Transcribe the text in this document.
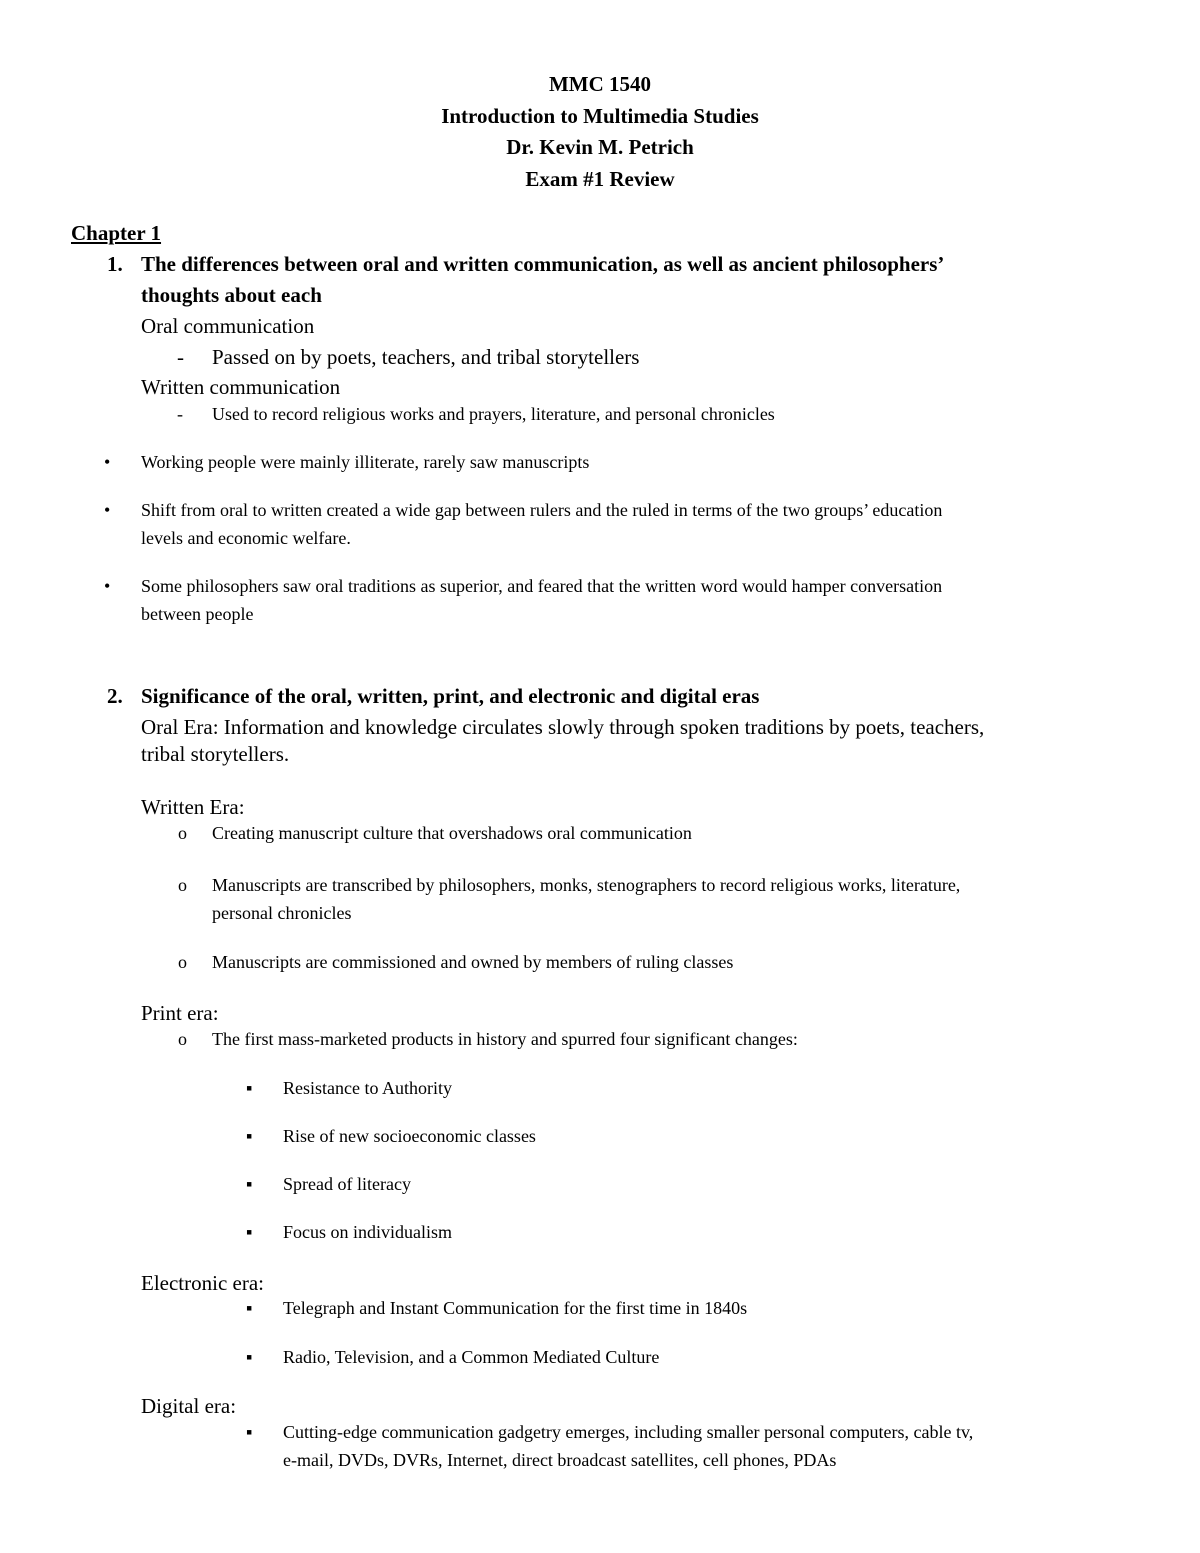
MMC 1540
Introduction to Multimedia Studies
Dr. Kevin M. Petrich
Exam #1 Review
Chapter 1
1. The differences between oral and written communication, as well as ancient philosophers’
thoughts about each
Oral communication
- Passed on by poets, teachers, and tribal storytellers
Written communication
- Used to record religious works and prayers, literature, and personal chronicles
• Working people were mainly illiterate, rarely saw manuscripts
• Shift from oral to written created a wide gap between rulers and the ruled in terms of the two groups’ education
levels and economic welfare.
• Some philosophers saw oral traditions as superior, and feared that the written word would hamper conversation
between people
2. Significance of the oral, written, print, and electronic and digital eras
Oral Era: Information and knowledge circulates slowly through spoken traditions by poets, teachers,
tribal storytellers.
Written Era:
o Creating manuscript culture that overshadows oral communication
o Manuscripts are transcribed by philosophers, monks, stenographers to record religious works, literature,
personal chronicles
o Manuscripts are commissioned and owned by members of ruling classes
Print era:
o The first mass-marketed products in history and spurred four significant changes:
▪ Resistance to Authority
▪ Rise of new socioeconomic classes
▪ Spread of literacy
▪ Focus on individualism
Electronic era:
▪ Telegraph and Instant Communication for the first time in 1840s
▪ Radio, Television, and a Common Mediated Culture
Digital era:
▪ Cutting-edge communication gadgetry emerges, including smaller personal computers, cable tv,
e-mail, DVDs, DVRs, Internet, direct broadcast satellites, cell phones, PDAs
